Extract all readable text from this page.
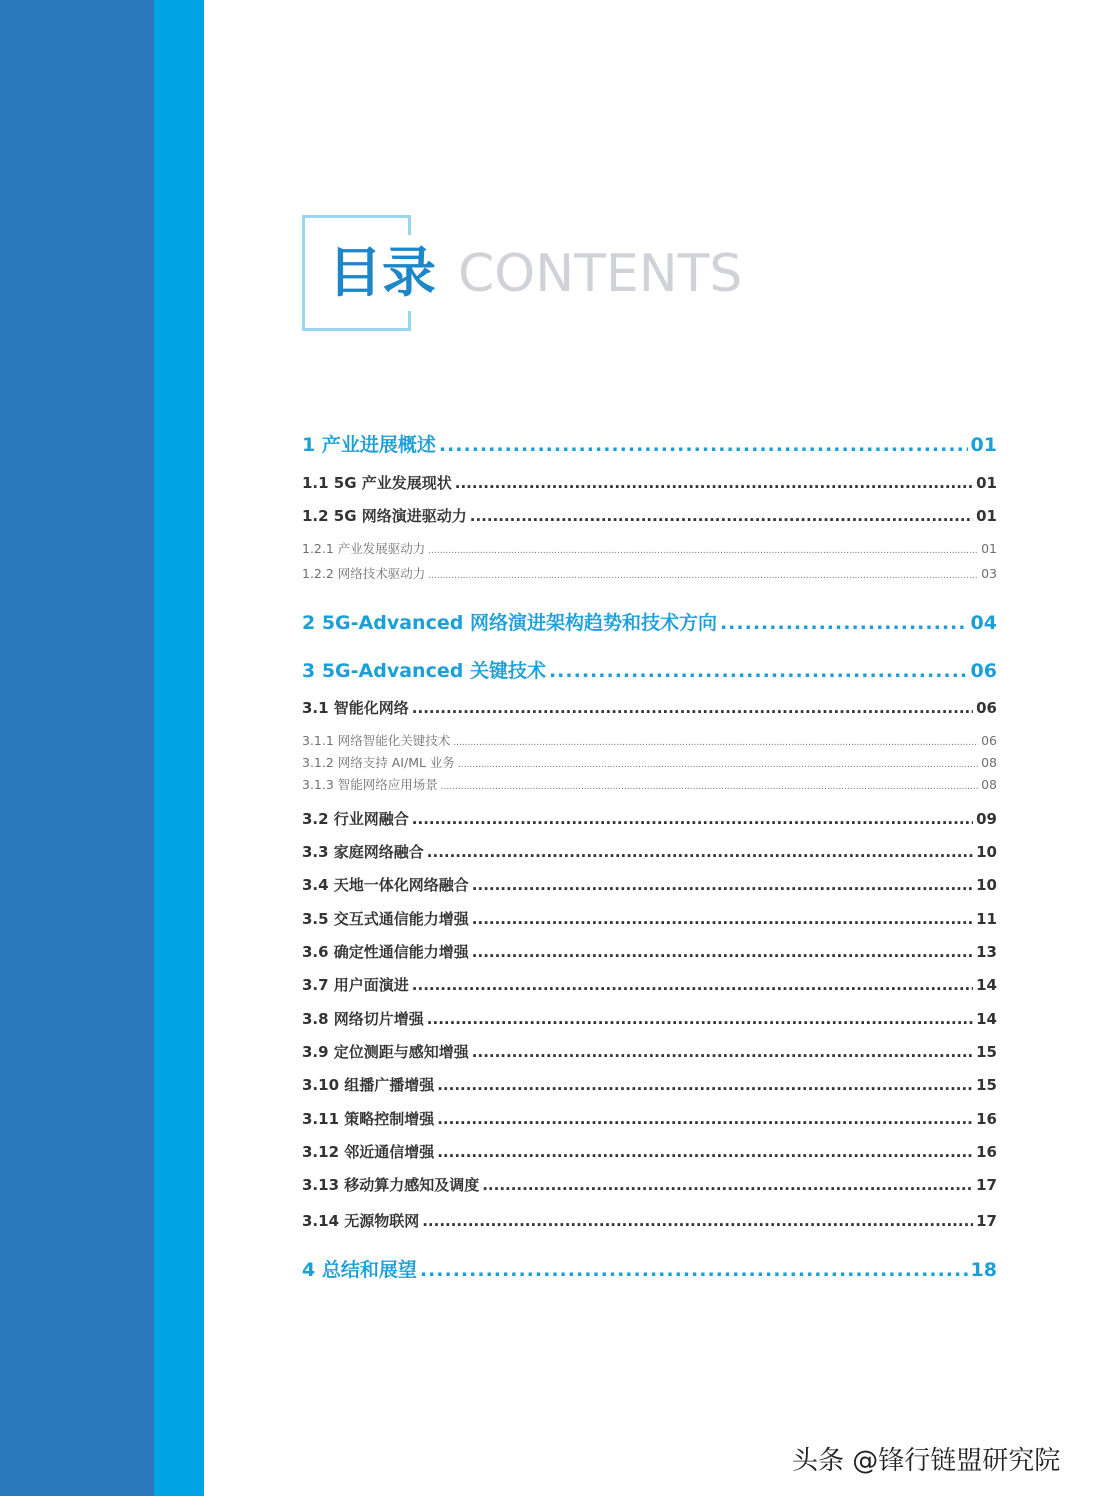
目录 CONTENTS
1 产业进展概述 .....	01
1.1 5G 产业发展现状 .....	01
1.2 5G 网络演进驱动力 .....	01
1.2.1 产业发展驱动力 .....	01
1.2.2 网络技术驱动力 .....	03
2 5G-Advanced 网络演进架构趋势和技术方向 .....	04
3 5G-Advanced 关键技术 .....	06
3.1 智能化网络 .....	06
3.1.1 网络智能化关键技术 .....	06
3.1.2 网络支持 AI/ML 业务 .....	08
3.1.3 智能网络应用场景 .....	08
3.2 行业网融合 .....	09
3.3 家庭网络融合 .....	10
3.4 天地一体化网络融合 .....	10
3.5 交互式通信能力增强 .....	11
3.6 确定性通信能力增强 .....	13
3.7 用户面演进 .....	14
3.8 网络切片增强 .....	14
3.9 定位测距与感知增强 .....	15
3.10 组播广播增强 .....	15
3.11 策略控制增强 .....	16
3.12 邻近通信增强 .....	16
3.13 移动算力感知及调度 .....	17
3.14 无源物联网 .....	17
4 总结和展望 .....	18
头条 @锋行链盟研究院
